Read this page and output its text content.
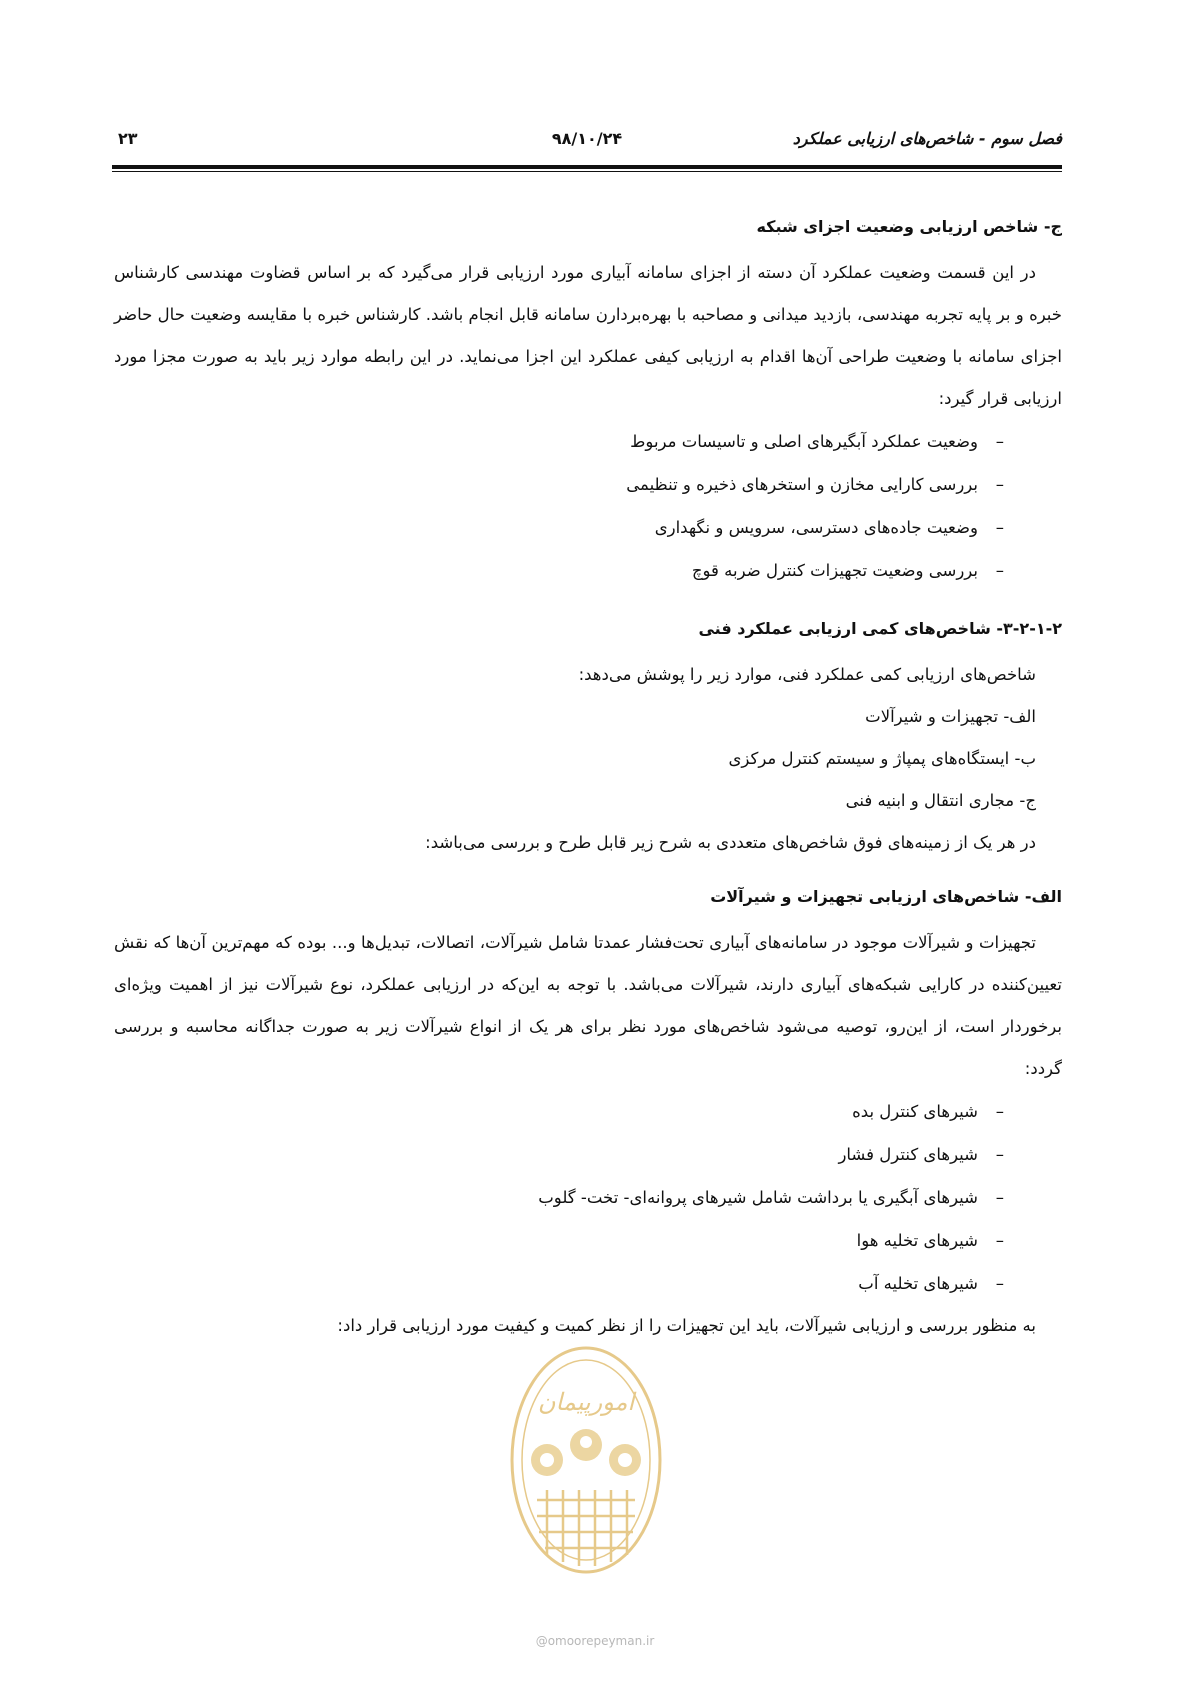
فصل سوم - شاخص‌های ارزیابی عملکرد
۹۸/۱۰/۲۴
۲۳
ج- شاخص ارزیابی وضعیت اجزای شبکه

در این قسمت وضعیت عملکرد آن دسته از اجزای سامانه آبیاری مورد ارزیابی قرار می‌گیرد که بر اساس قضاوت مهندسی کارشناس خبره و بر پایه تجربه مهندسی، بازدید میدانی و مصاحبه با بهره‌بردارن سامانه قابل انجام باشد. کارشناس خبره با مقایسه وضعیت حال حاضر اجزای سامانه با وضعیت طراحی آن‌ها اقدام به ارزیابی کیفی عملکرد این اجزا می‌نماید. در این رابطه موارد زیر باید به صورت مجزا مورد ارزیابی قرار گیرد:

–
وضعیت عملکرد آبگیرهای اصلی و تاسیسات مربوط
–
بررسی کارایی مخازن و استخرهای ذخیره و تنظیمی
–
وضعیت جاده‌های دسترسی، سرویس و نگهداری
–
بررسی وضعیت تجهیزات کنترل ضربه قوچ
۳-۲-۱-۲- شاخص‌های کمی ارزیابی عملکرد فنی

شاخص‌های ارزیابی کمی عملکرد فنی، موارد زیر را پوشش می‌دهد:

الف- تجهیزات و شیرآلات

ب- ایستگاه‌های پمپاژ و سیستم کنترل مرکزی

ج- مجاری انتقال و ابنیه فنی

در هر یک از زمینه‌های فوق شاخص‌های متعددی به شرح زیر قابل طرح و بررسی می‌باشد:

الف- شاخص‌های ارزیابی تجهیزات و شیرآلات

تجهیزات و شیرآلات موجود در سامانه‌های آبیاری تحت‌فشار عمدتا شامل شیرآلات، اتصالات، تبدیل‌ها و... بوده که مهم‌ترین آن‌ها که نقش تعیین‌کننده در کارایی شبکه‌های آبیاری دارند، شیرآلات می‌باشد. با توجه به این‌که در ارزیابی عملکرد، نوع شیرآلات نیز از اهمیت ویژه‌ای برخوردار است، از این‌رو، توصیه می‌شود شاخص‌های مورد نظر برای هر یک از انواع شیرآلات زیر به صورت جداگانه محاسبه و بررسی گردد:

–
شیرهای کنترل بده
–
شیرهای کنترل فشار
–
شیرهای آبگیری یا برداشت شامل شیرهای پروانه‌ای- تخت- گلوب
–
شیرهای تخلیه هوا
–
شیرهای تخلیه آب

به منظور بررسی و ارزیابی شیرآلات، باید این تجهیزات را از نظر کمیت و کیفیت مورد ارزیابی قرار داد:

امورپیمان
@omoorepeyman.ir
